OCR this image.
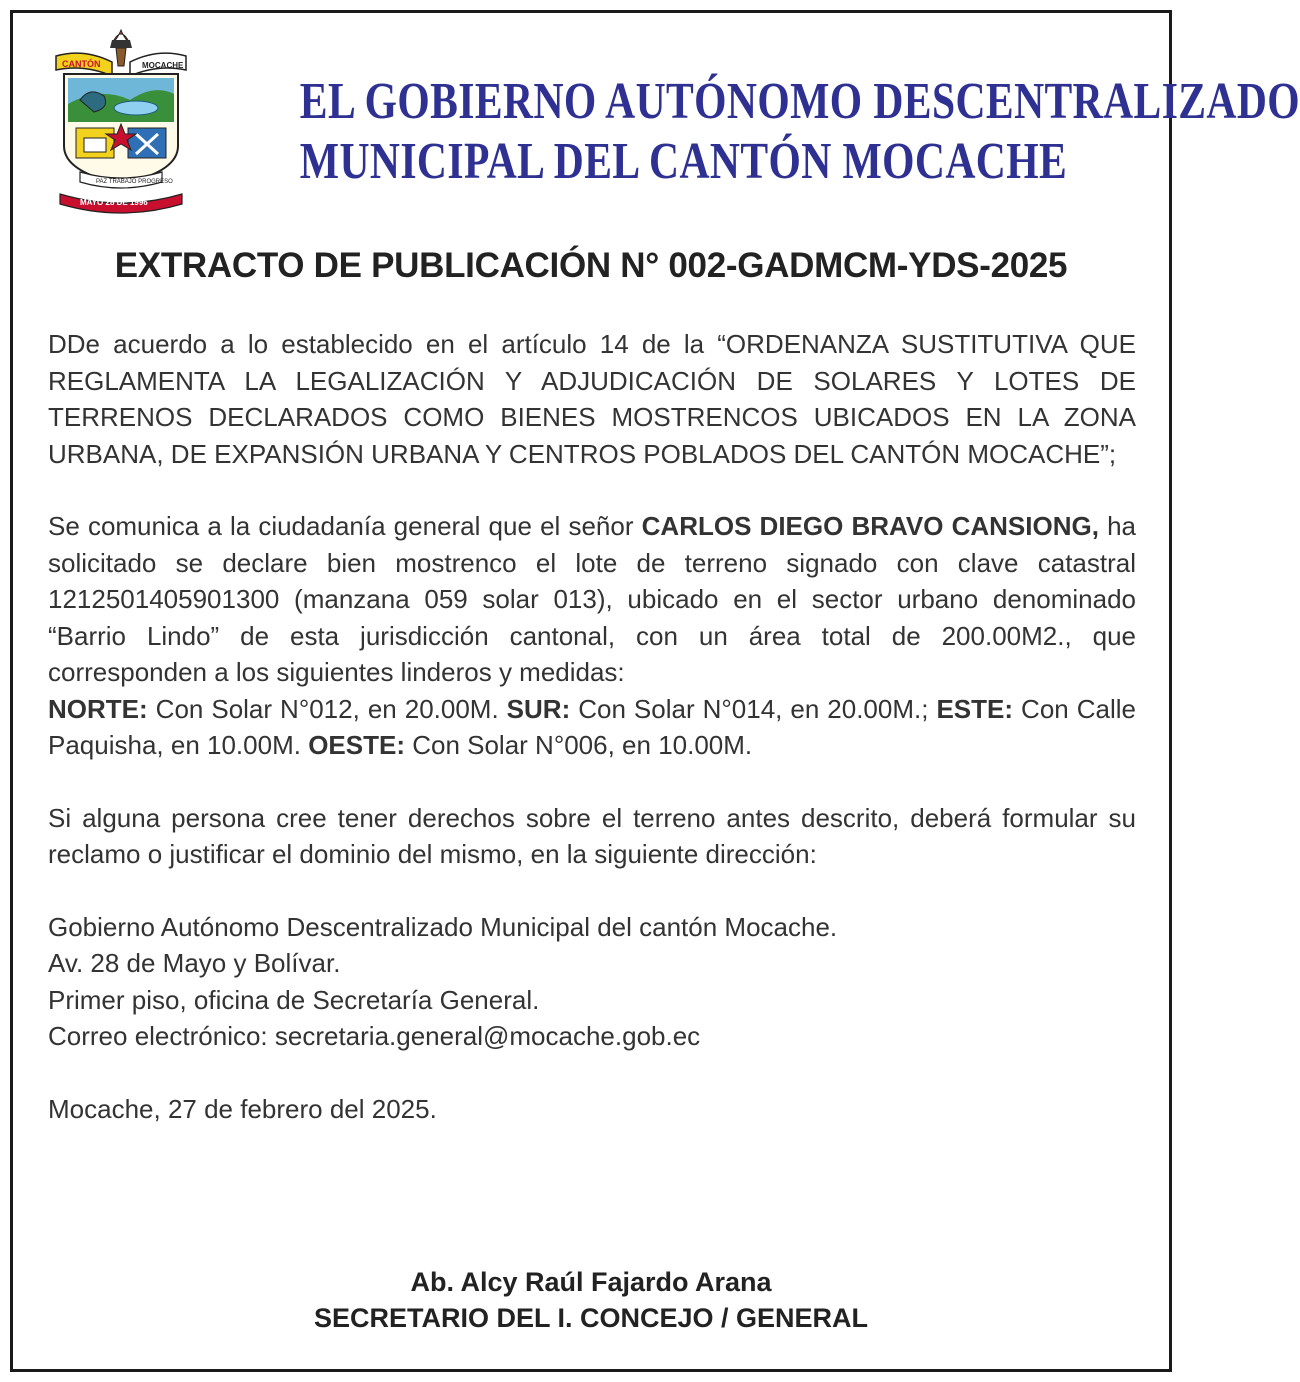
CANTÓN	MOCACHE
PAZ TRABAJO PROGRESO
MAYO 28 DE 1996
EL GOBIERNO AUTÓNOMO DESCENTRALIZADO
MUNICIPAL DEL CANTÓN MOCACHE
EXTRACTO DE PUBLICACIÓN N° 002-GADMCM-YDS-2025

DDe acuerdo a lo establecido en el artículo 14 de la “ORDENANZA SUSTITUTIVA QUE REGLAMENTA LA LEGALIZACIÓN Y ADJUDICACIÓN DE SOLARES Y LOTES DE TERRENOS DECLARADOS COMO BIENES MOSTRENCOS UBICADOS EN LA ZONA URBANA, DE EXPANSIÓN URBANA Y CENTROS POBLADOS DEL CANTÓN MOCACHE”;

Se comunica a la ciudadanía general que el señor CARLOS DIEGO BRAVO CANSIONG, ha solicitado se declare bien mostrenco el lote de terreno signado con clave catastral 1212501405901300 (manzana 059 solar 013), ubicado en el sector urbano denominado “Barrio Lindo” de esta jurisdicción cantonal, con un área total de 200.00M2., que corresponden a los siguientes linderos y medidas:

NORTE: Con Solar N°012, en 20.00M. SUR: Con Solar N°014, en 20.00M.; ESTE: Con Calle Paquisha, en 10.00M. OESTE: Con Solar N°006, en 10.00M.

Si alguna persona cree tener derechos sobre el terreno antes descrito, deberá formular su reclamo o justificar el dominio del mismo, en la siguiente dirección:

Gobierno Autónomo Descentralizado Municipal del cantón Mocache.

Av. 28 de Mayo y Bolívar.

Primer piso, oficina de Secretaría General.

Correo electrónico: secretaria.general@mocache.gob.ec

Mocache, 27 de febrero del 2025.

Ab. Alcy Raúl Fajardo Arana
SECRETARIO DEL I. CONCEJO / GENERAL
